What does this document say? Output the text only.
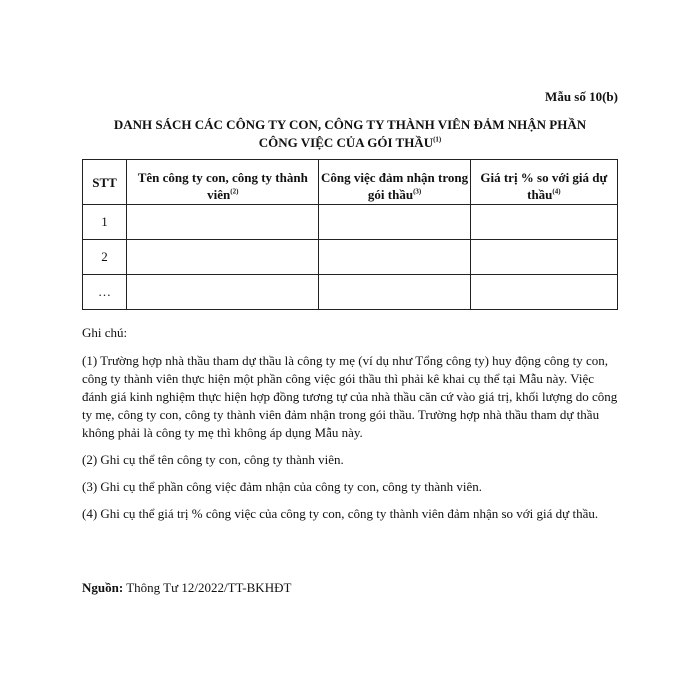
Mẫu số 10(b)
DANH SÁCH CÁC CÔNG TY CON, CÔNG TY THÀNH VIÊN ĐẢM NHẬN PHẦN
CÔNG VIỆC CỦA GÓI THẦU$^{(1)}$
STT	Tên công ty con, công ty thành viên$^{(2)}$	Công việc đảm nhận trong gói thầu$^{(3)}$	Giá trị % so với giá dự thầu$^{(4)}$
1			
2			
…			

Ghi chú:

(1) Trường hợp nhà thầu tham dự thầu là công ty mẹ (ví dụ như Tổng công ty) huy động công ty con, công ty thành viên thực hiện một phần công việc gói thầu thì phải kê khai cụ thể tại Mẫu này. Việc đánh giá kinh nghiệm thực hiện hợp đồng tương tự của nhà thầu căn cứ vào giá trị, khối lượng do công ty mẹ, công ty con, công ty thành viên đảm nhận trong gói thầu. Trường hợp nhà thầu tham dự thầu không phải là công ty mẹ thì không áp dụng Mẫu này.

(2) Ghi cụ thể tên công ty con, công ty thành viên.

(3) Ghi cụ thể phần công việc đảm nhận của công ty con, công ty thành viên.

(4) Ghi cụ thể giá trị % công việc của công ty con, công ty thành viên đảm nhận so với giá dự thầu.

Nguồn: Thông Tư 12/2022/TT-BKHĐT
